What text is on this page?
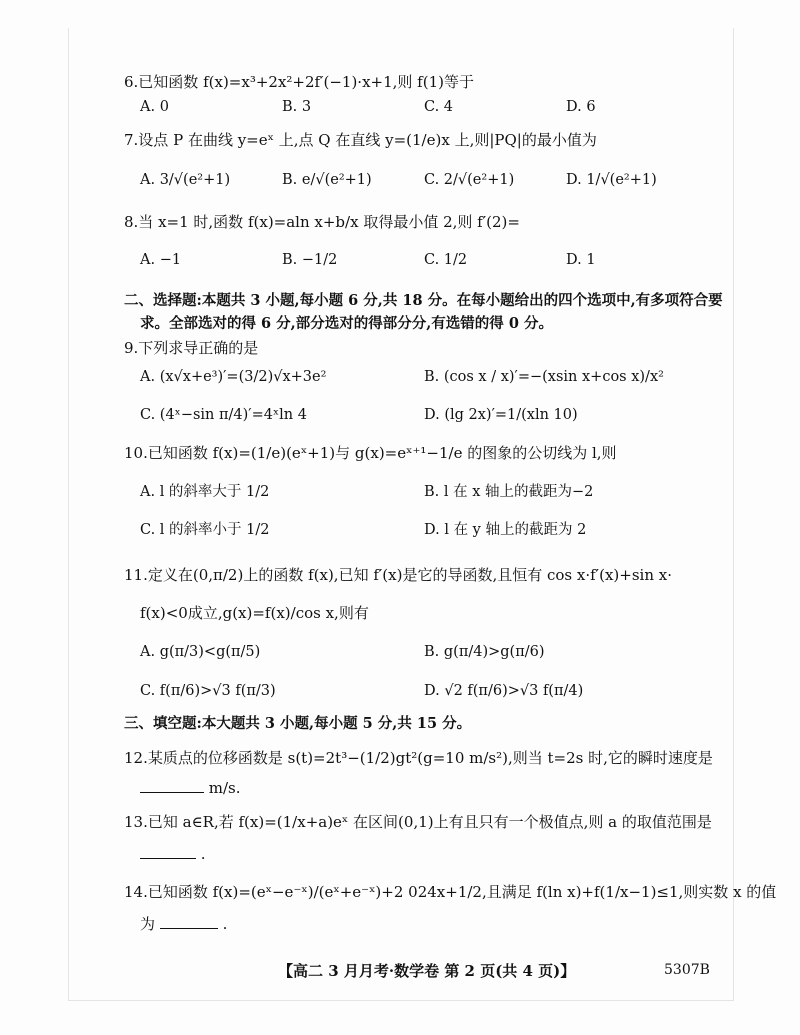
6.已知函数 f(x)=x³+2x²+2f′(−1)·x+1,则 f(1)等于
A. 0	B. 3	C. 4	D. 6
7.设点 P 在曲线 y=eˣ 上,点 Q 在直线 y=(1/e)x 上,则|PQ|的最小值为
A. 3/√(e²+1)	B. e/√(e²+1)	C. 2/√(e²+1)	D. 1/√(e²+1)
8.当 x=1 时,函数 f(x)=aln x+b/x 取得最小值 2,则 f′(2)=
A. −1	B. −1/2	C. 1/2	D. 1
二、选择题:本题共 3 小题,每小题 6 分,共 18 分。在每小题给出的四个选项中,有多项符合要
求。全部选对的得 6 分,部分选对的得部分分,有选错的得 0 分。
9.下列求导正确的是
A. (x√x+e³)′=(3/2)√x+3e²	B. (cos x / x)′=−(xsin x+cos x)/x²
C. (4ˣ−sin π/4)′=4ˣln 4	D. (lg 2x)′=1/(xln 10)
10.已知函数 f(x)=(1/e)(eˣ+1)与 g(x)=eˣ⁺¹−1/e 的图象的公切线为 l,则
A. l 的斜率大于 1/2	B. l 在 x 轴上的截距为−2
C. l 的斜率小于 1/2	D. l 在 y 轴上的截距为 2
11.定义在(0,π/2)上的函数 f(x),已知 f′(x)是它的导函数,且恒有 cos x·f′(x)+sin x·
f(x)<0成立,g(x)=f(x)/cos x,则有
A. g(π/3)<g(π/5)	B. g(π/4)>g(π/6)
C. f(π/6)>√3 f(π/3)	D. √2 f(π/6)>√3 f(π/4)
三、填空题:本大题共 3 小题,每小题 5 分,共 15 分。
12.某质点的位移函数是 s(t)=2t³−(1/2)gt²(g=10 m/s²),则当 t=2s 时,它的瞬时速度是
m/s.
13.已知 a∈R,若 f(x)=(1/x+a)eˣ 在区间(0,1)上有且只有一个极值点,则 a 的取值范围是
.
14.已知函数 f(x)=(eˣ−e⁻ˣ)/(eˣ+e⁻ˣ)+2 024x+1/2,且满足 f(ln x)+f(1/x−1)≤1,则实数 x 的值
为	.
【高二 3 月月考·数学卷 第 2 页(共 4 页)】	5307B
